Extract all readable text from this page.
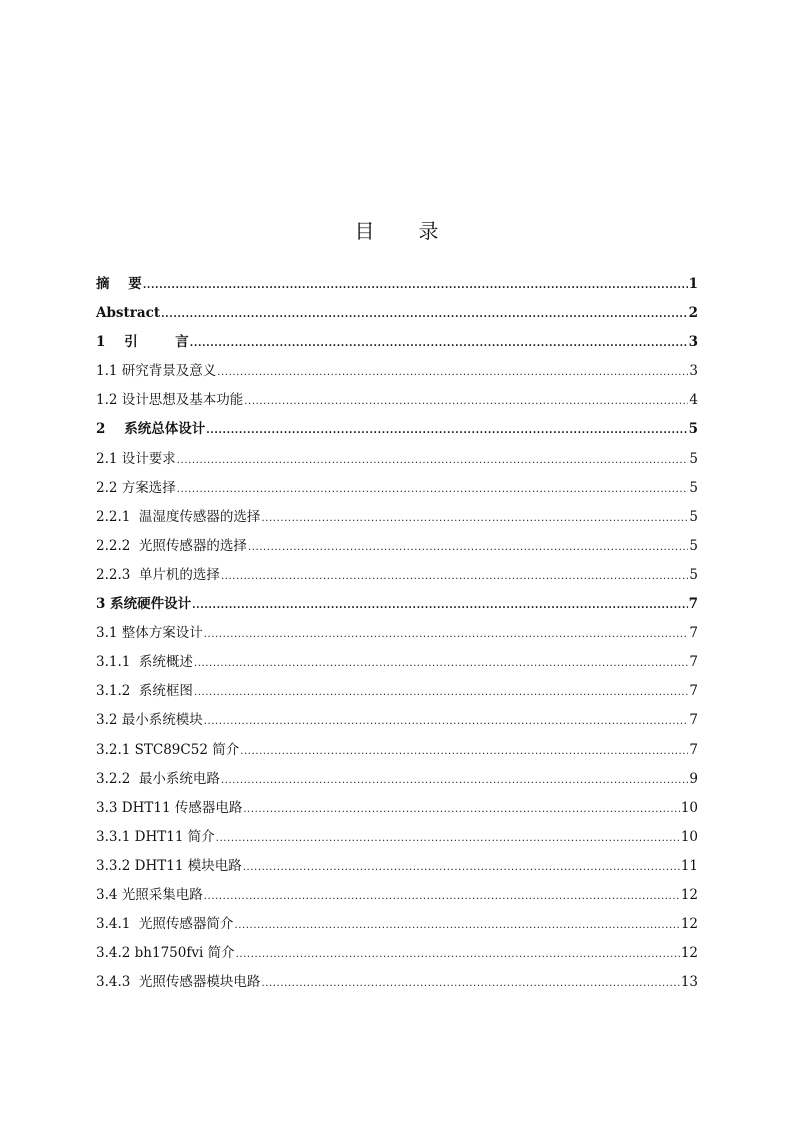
目 录
摘    要 .....	1
Abstract .....	2
1    引        言 .....	3
1.1 研究背景及意义 .....	3
1.2 设计思想及基本功能 .....	4
2    系统总体设计 .....	5
2.1 设计要求 .....	5
2.2 方案选择 .....	5
2.2.1  温湿度传感器的选择 .....	5
2.2.2  光照传感器的选择 .....	5
2.2.3  单片机的选择 .....	5
3 系统硬件设计 .....	7
3.1 整体方案设计 .....	7
3.1.1  系统概述 .....	7
3.1.2  系统框图 .....	7
3.2 最小系统模块 .....	7
3.2.1 STC89C52 简介 .....	7
3.2.2  最小系统电路 .....	9
3.3 DHT11 传感器电路 .....	10
3.3.1 DHT11 简介 .....	10
3.3.2 DHT11 模块电路 .....	11
3.4 光照采集电路 .....	12
3.4.1  光照传感器简介 .....	12
3.4.2 bh1750fvi 简介 .....	12
3.4.3  光照传感器模块电路 .....	13
